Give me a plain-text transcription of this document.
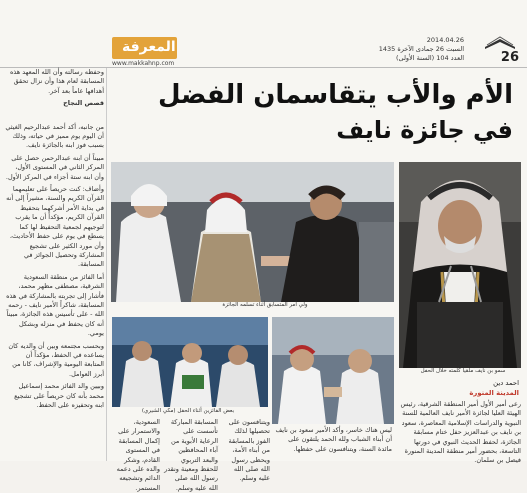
المعرفة
www.makkahnp.com
2014.04.26
السبت 26 جمادى الآخرة 1435
العدد 104 (السنة الأولى)	26
الأم والأب يتقاسمان الفضل
في جائزة نايف

وحفظه رسالته وأن الله المعهد هذه المسابقة لعام هذا وأن نزال تحقق أهدافها عاماً بعد آخر.

قصص النجاح

من جانبه، أكد أحمد عبدالرحيم الغيثي أن اليوم يوم مميز في حياته، وذلك بسبب فوز ابنه بالجائزة نايف.

مبيناً أن ابنه عبدالرحمن حصل على المركز الثاني في المستوى الأول، وأن ابنه ستة أجزاء في المركز الأول.

وأضاف: كنت حريصاً على تعليمهما القرآن الكريم والسنة، مشيراً إلى أنه في بداية الأمر أشركهما بتحفيظ القرآن الكريم، مؤكداً أن ما يقرب لتوجيهم لجمعية التحفيظ لها كما يسطع في يوم على حفظ الأحاديث، وأن مورد الكثير على تشجيع المشاركة وتحصيل الجوائز في المسابقة.

أما الفائز من منطقة السعودية الشرقية، مصطفى مظهر محمد، فأشار إلى تجربته بالمشاركة في هذه المسابقة، شاكراً الأمير نايف - رحمه الله - على تأسيس هذه الجائزة، مبيناً أنه كان يحفظ في منزله وبشكل يومي.

وبحسب مجتمعه وبين أن والديه كان يساعده في الحفظ، مؤكداً أن المتابعة اليومية والإشراف، كانا من أبرز العوامل.

وبيين والد الفائز محمد إسماعيل محمد بأنه كان حريصاً على تشجيع ابنه وتحفيزه على الحفظ.

ولي أمر المتسابق أثناء تسلمه الجائزة
سمو بن نايف ملقيا كلمته خلال الحفل
بعض الفائزين أثناء الحفل (مكي الشيري)
السعودية، والاستمرار على إكمال المسابقة في المستوى القادم، وشكر والده على دعمه الدائم وتشجيعه المستمر.
المسابقة المباركة تأسست على الرعاية الأبوية من آباء المحافظين والبعد التربوي للحفظ ومعينة ونقدر رسول الله صلى الله عليه وسلم.
ويتنافسون على تحصيلها لذلك الفوز بالمسابقة من أبناء الأمة، ويحظى رسول الله صلى الله عليه وسلم.
ليس هناك خاسر، وأكد الأمير سعود بن نايف أن أبناء الشباب ولله الحمد يلتقون على مائدة السنة، ويتنافسون على حفظها.
احمد دين
المدينة المنورة
رعى أمير الأول أمير المنطقة الشرقية، رئيس الهيئة العليا لجائزة الأمير نايف العالمية للسنة النبوية والدراسات الإسلامية المعاصرة، سعود بن نايف بن عبدالعزيز حفل ختام مسابقة الجائزة، لحفظ الحديث النبوي في دورتها التاسعة، بحضور أمير منطقة المدينة المنورة فيصل بن سلمان.
